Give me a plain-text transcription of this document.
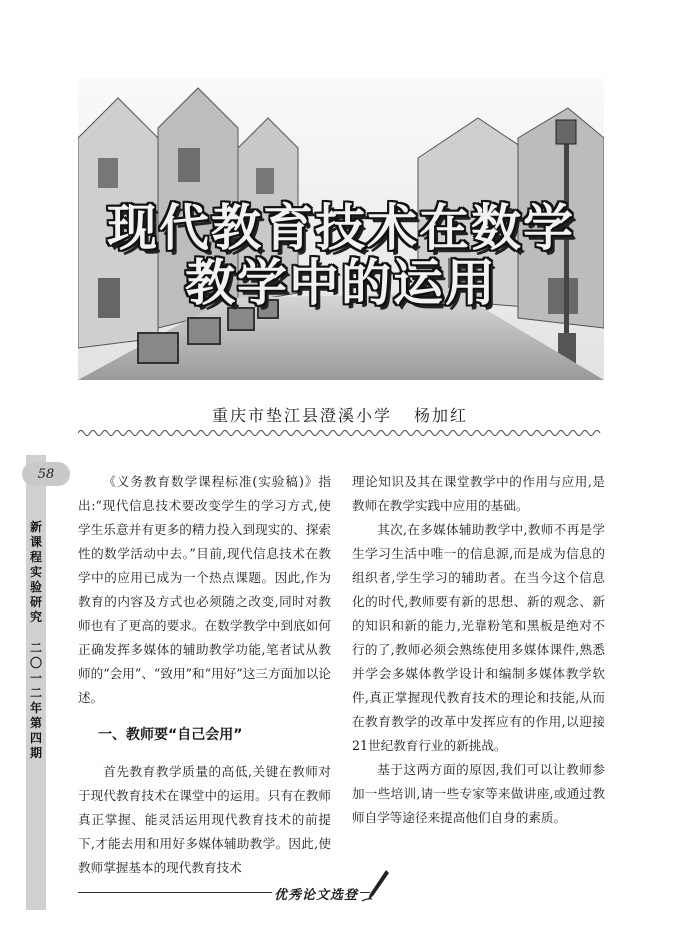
现代教育技术在数学
教学中的运用
重庆市垫江县澄溪小学 杨加红
58
新
课
程
实
验
研
究
二
〇
一
二
年
第
四
期

《义务教育数学课程标准(实验稿)》指出:“现代信息技术要改变学生的学习方式,使学生乐意并有更多的精力投入到现实的、探索性的数学活动中去。”目前,现代信息技术在教学中的应用已成为一个热点课题。因此,作为教育的内容及方式也必须随之改变,同时对教师也有了更高的要求。在数学教学中到底如何正确发挥多媒体的辅助教学功能,笔者试从教师的“会用”、“致用”和“用好”这三方面加以论述。

一、教师要“自己会用”

首先教育教学质量的高低,关键在教师对于现代教育技术在课堂中的运用。只有在教师真正掌握、能灵活运用现代教育技术的前提下,才能去用和用好多媒体辅助教学。因此,使教师掌握基本的现代教育技术

理论知识及其在课堂教学中的作用与应用,是教师在教学实践中应用的基础。

其次,在多媒体辅助教学中,教师不再是学生学习生活中唯一的信息源,而是成为信息的组织者,学生学习的辅助者。在当今这个信息化的时代,教师要有新的思想、新的观念、新的知识和新的能力,光靠粉笔和黑板是绝对不行的了,教师必须会熟练使用多媒体课件,熟悉并学会多媒体教学设计和编制多媒体教学软件,真正掌握现代教育技术的理论和技能,从而在教育教学的改革中发挥应有的作用,以迎接21世纪教育行业的新挑战。

基于这两方面的原因,我们可以让教师参加一些培训,请一些专家等来做讲座,或通过教师自学等途径来提高他们自身的素质。

优秀论文选登
